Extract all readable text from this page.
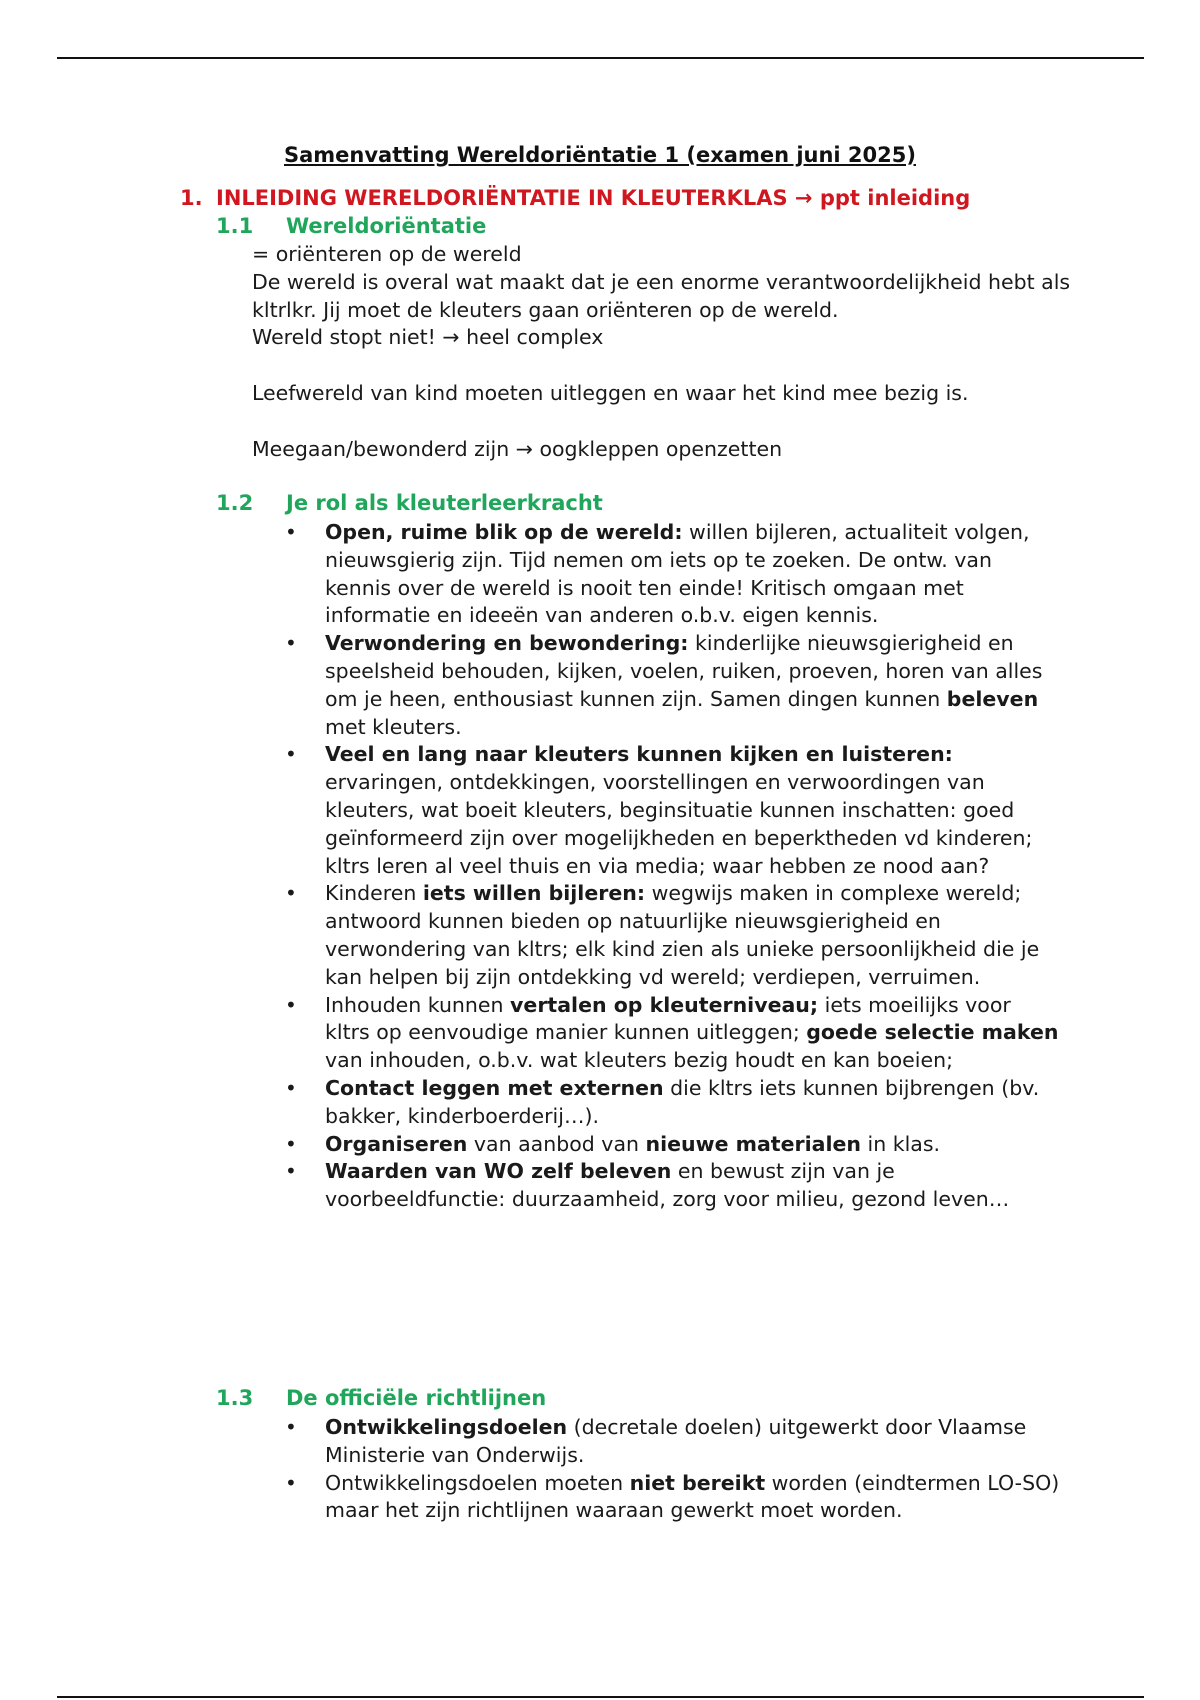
Samenvatting Wereldoriëntatie 1 (examen juni 2025)
1. INLEIDING WERELDORIËNTATIE IN KLEUTERKLAS → ppt inleiding
1.1 Wereldoriëntatie

= oriënteren op de wereld

De wereld is overal wat maakt dat je een enorme verantwoordelijkheid hebt als kltrlkr. Jij moet de kleuters gaan oriënteren op de wereld.

Wereld stopt niet! → heel complex

Leefwereld van kind moeten uitleggen en waar het kind mee bezig is.

Meegaan/bewonderd zijn → oogkleppen openzetten

1.2 Je rol als kleuterleerkracht
• Open, ruime blik op de wereld: willen bijleren, actualiteit volgen, nieuwsgierig zijn. Tijd nemen om iets op te zoeken. De ontw. van kennis over de wereld is nooit ten einde! Kritisch omgaan met informatie en ideeën van anderen o.b.v. eigen kennis.
• Verwondering en bewondering: kinderlijke nieuwsgierigheid en speelsheid behouden, kijken, voelen, ruiken, proeven, horen van alles om je heen, enthousiast kunnen zijn. Samen dingen kunnen beleven met kleuters.
• Veel en lang naar kleuters kunnen kijken en luisteren: ervaringen, ontdekkingen, voorstellingen en verwoordingen van kleuters, wat boeit kleuters, beginsituatie kunnen inschatten: goed geïnformeerd zijn over mogelijkheden en beperktheden vd kinderen; kltrs leren al veel thuis en via media; waar hebben ze nood aan?
• Kinderen iets willen bijleren: wegwijs maken in complexe wereld; antwoord kunnen bieden op natuurlijke nieuwsgierigheid en verwondering van kltrs; elk kind zien als unieke persoonlijkheid die je kan helpen bij zijn ontdekking vd wereld; verdiepen, verruimen.
• Inhouden kunnen vertalen op kleuterniveau; iets moeilijks voor kltrs op eenvoudige manier kunnen uitleggen; goede selectie maken van inhouden, o.b.v. wat kleuters bezig houdt en kan boeien;
• Contact leggen met externen die kltrs iets kunnen bijbrengen (bv. bakker, kinderboerderij…).
• Organiseren van aanbod van nieuwe materialen in klas.
• Waarden van WO zelf beleven en bewust zijn van je voorbeeldfunctie: duurzaamheid, zorg voor milieu, gezond leven…
1.3 De officiële richtlijnen
• Ontwikkelingsdoelen (decretale doelen) uitgewerkt door Vlaamse Ministerie van Onderwijs.
• Ontwikkelingsdoelen moeten niet bereikt worden (eindtermen LO-SO) maar het zijn richtlijnen waaraan gewerkt moet worden.
